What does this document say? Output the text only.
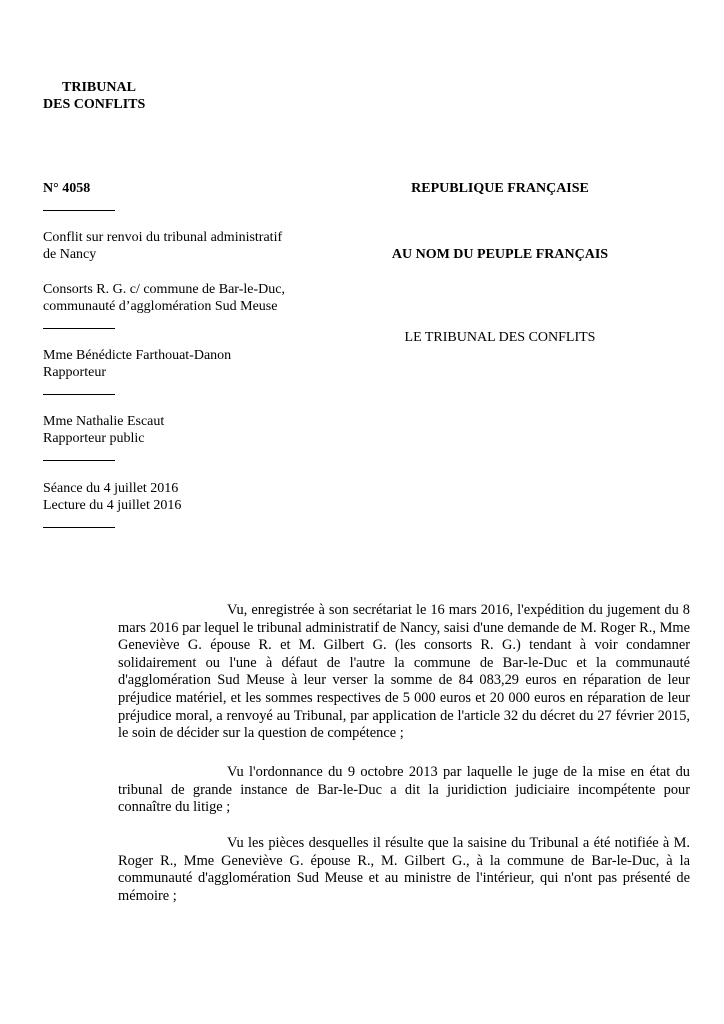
TRIBUNAL
DES CONFLITS
N° 4058
Conflit sur renvoi du tribunal administratif
de Nancy
Consorts R. G. c/ commune de Bar-le-Duc,
communauté d’agglomération Sud Meuse
Mme Bénédicte Farthouat-Danon
Rapporteur
Mme Nathalie Escaut
Rapporteur public
Séance du 4 juillet 2016
Lecture du 4 juillet 2016
REPUBLIQUE FRANÇAISE
AU NOM DU PEUPLE FRANÇAIS
LE TRIBUNAL DES CONFLITS
Vu, enregistrée à son secrétariat le 16 mars 2016, l'expédition du jugement du 8 mars 2016 par lequel le tribunal administratif de Nancy, saisi d'une demande de M. Roger R., Mme Geneviève G. épouse R. et M. Gilbert G. (les consorts R. G.) tendant à voir condamner solidairement ou l'une à défaut de l'autre la commune de Bar-le-Duc et la communauté d'agglomération Sud Meuse à leur verser la somme de 84 083,29 euros en réparation de leur préjudice matériel, et les sommes respectives de 5 000 euros et 20 000 euros en réparation de leur préjudice moral, a renvoyé au Tribunal, par application de l'article 32 du décret du 27 février 2015, le soin de décider sur la question de compétence ;
Vu l'ordonnance du 9 octobre 2013 par laquelle le juge de la mise en état du tribunal de grande instance de Bar-le-Duc a dit la juridiction judiciaire incompétente pour connaître du litige ;
Vu les pièces desquelles il résulte que la saisine du Tribunal a été notifiée à M. Roger R., Mme Geneviève G. épouse R., M. Gilbert G., à la commune de Bar-le-Duc, à la communauté d'agglomération Sud Meuse et au ministre de l'intérieur, qui n'ont pas présenté de mémoire ;
